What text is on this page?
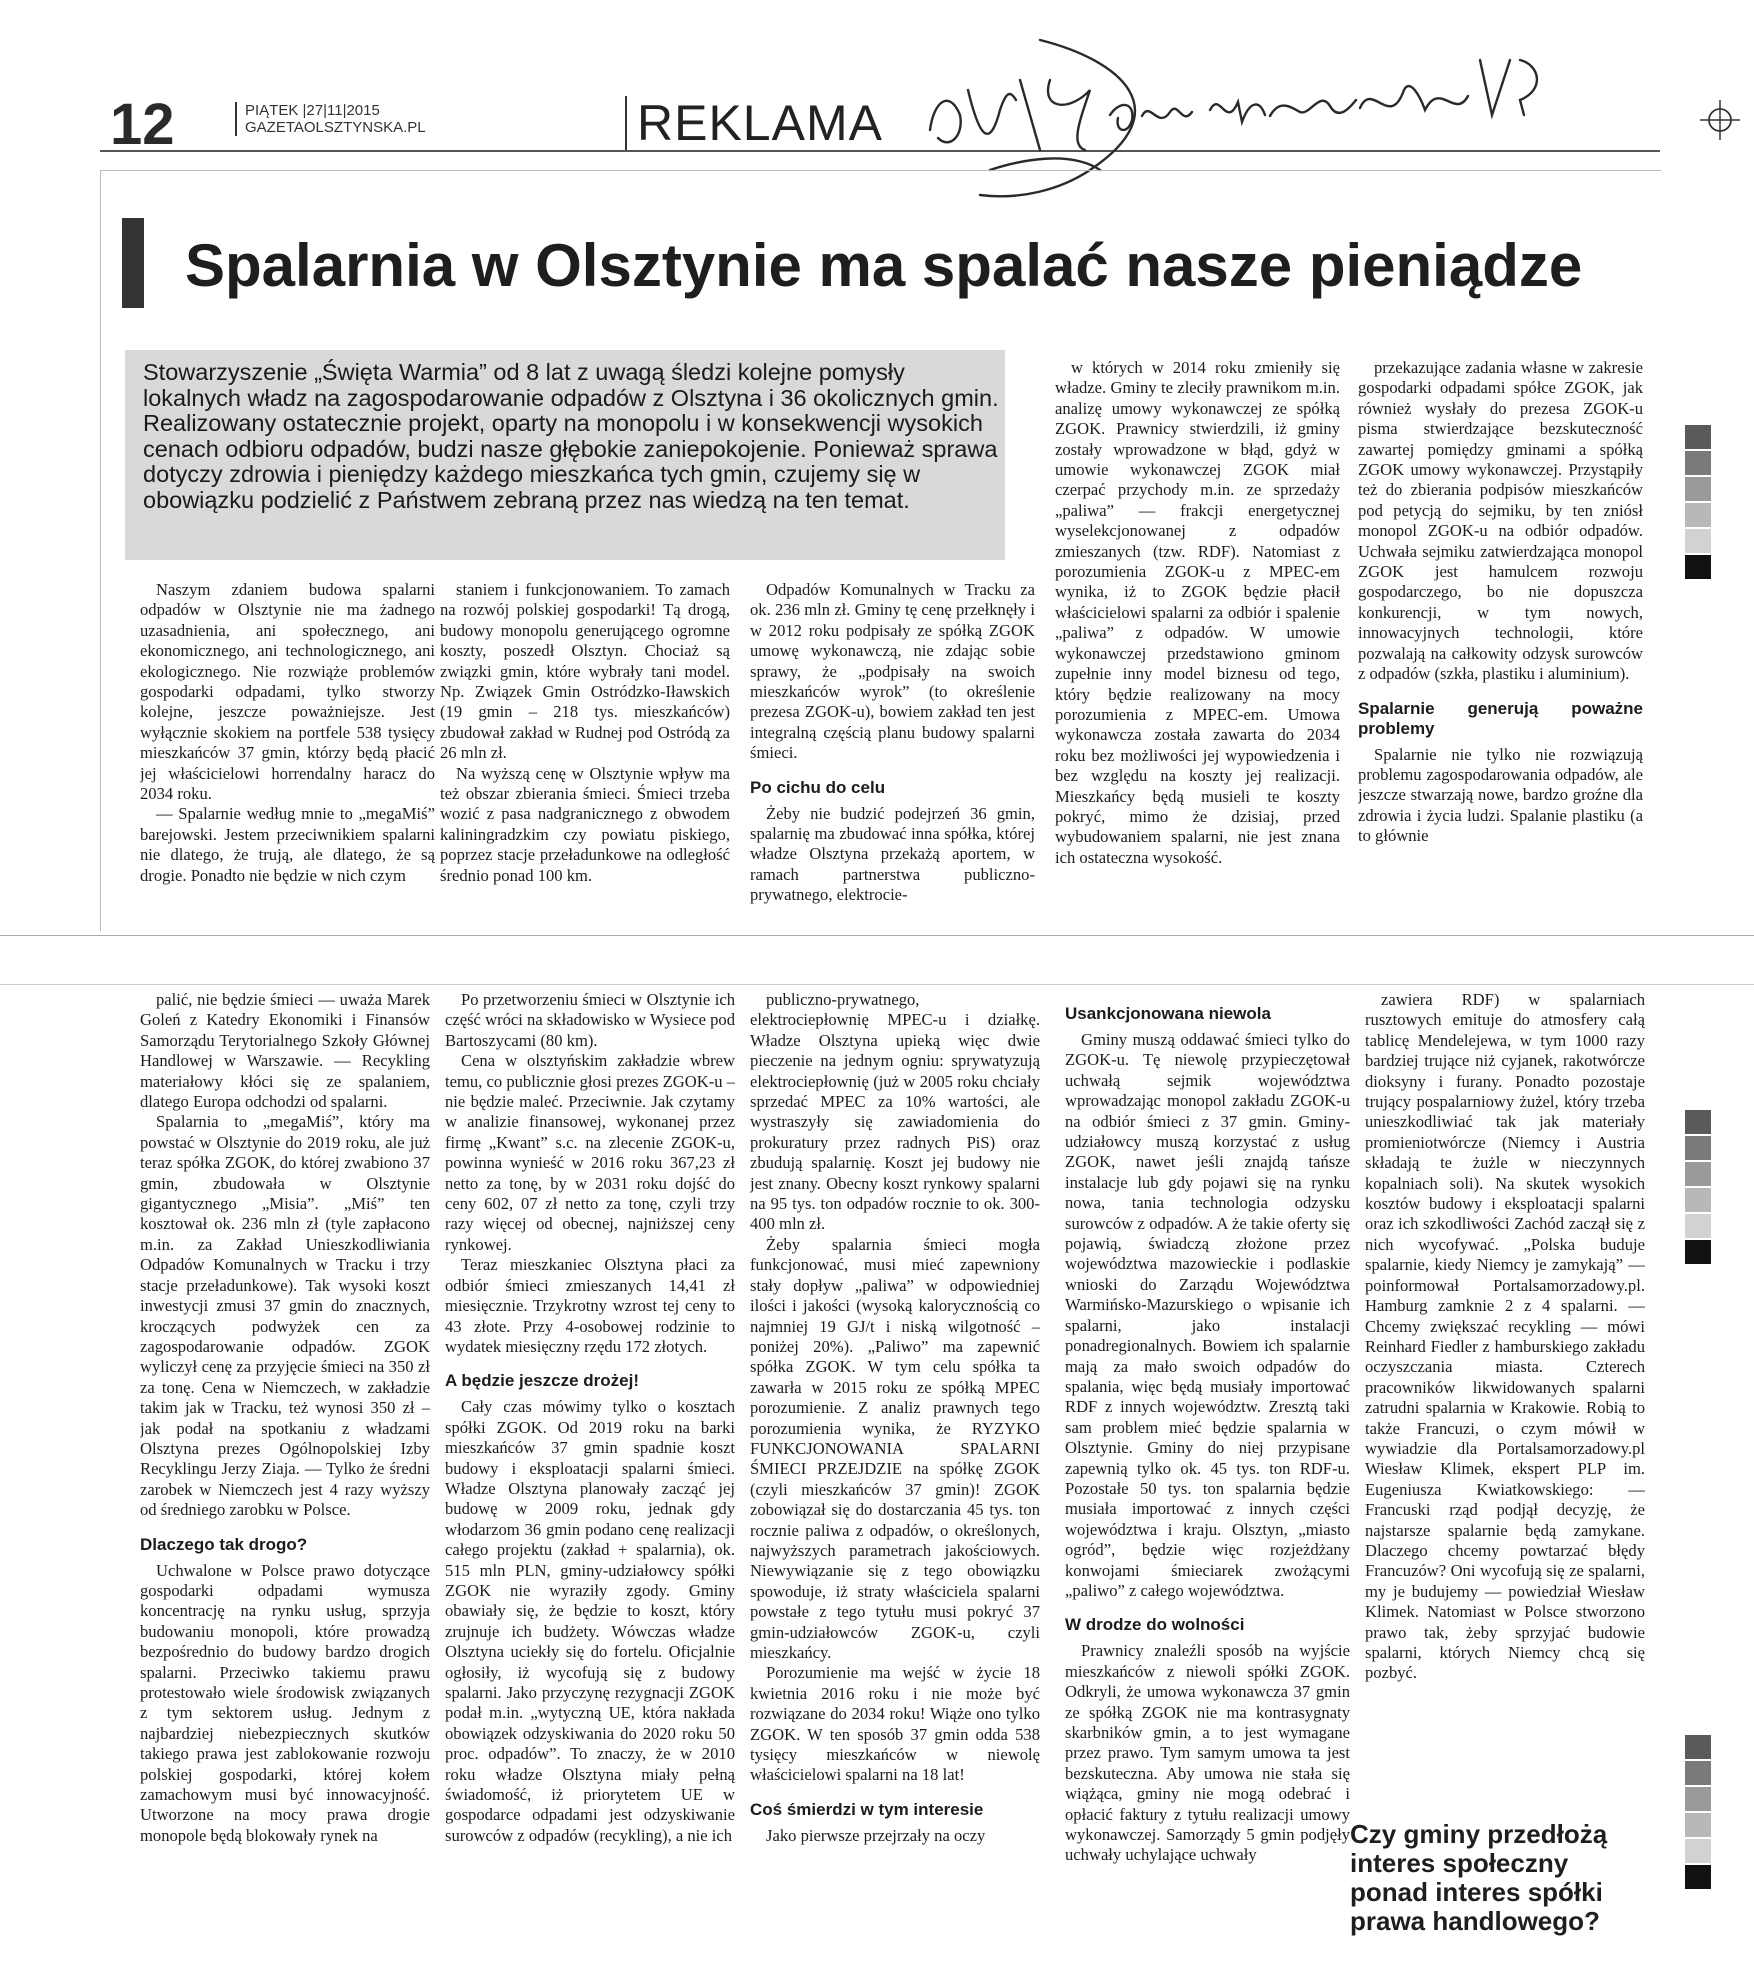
12	PIĄTEK |27|11|2015
GAZETAOLSZTYNSKA.PL	REKLAMA
Spalarnia w Olsztynie ma spalać nasze pieniądze
Stowarzyszenie „Święta Warmia” od 8 lat z uwagą śledzi kolejne pomysły lokalnych władz na zagospodarowanie odpadów z Olsztyna i 36 okolicznych gmin. Realizowany ostatecznie projekt, oparty na monopolu i w konsekwencji wysokich cenach odbioru odpadów, budzi nasze głębokie zaniepokojenie. Ponieważ sprawa dotyczy zdrowia i pieniędzy każdego mieszkańca tych gmin, czujemy się w obowiązku podzielić z Państwem zebraną przez nas wiedzą na ten temat.

Naszym zdaniem budowa spalarni odpadów w Olsztynie nie ma żadnego uzasadnienia, ani społecznego, ani ekonomicznego, ani technologicznego, ani ekologicznego. Nie rozwiąże problemów gospodarki odpadami, tylko stworzy kolejne, jeszcze poważniejsze. Jest wyłącznie skokiem na portfele 538 tysięcy mieszkańców 37 gmin, którzy będą płacić jej właścicielowi horrendalny haracz do 2034 roku.

— Spalarnie według mnie to „megaMiś” barejowski. Jestem przeciwnikiem spalarni nie dlatego, że trują, ale dlatego, że są drogie. Ponadto nie będzie w nich czym

staniem i funkcjonowaniem. To zamach na rozwój polskiej gospodarki! Tą drogą, budowy monopolu generującego ogromne koszty, poszedł Olsztyn. Chociaż są związki gmin, które wybrały tani model. Np. Związek Gmin Ostródzko-Iławskich (19 gmin – 218 tys. mieszkańców) zbudował zakład w Rudnej pod Ostródą za 26 mln zł.

Na wyższą cenę w Olsztynie wpływ ma też obszar zbierania śmieci. Śmieci trzeba wozić z pasa nadgranicznego z obwodem kaliningradzkim czy powiatu piskiego, poprzez stacje przeładunkowe na odległość średnio ponad 100 km.

Odpadów Komunalnych w Tracku za ok. 236 mln zł. Gminy tę cenę przełknęły i w 2012 roku podpisały ze spółką ZGOK umowę wykonawczą, nie zdając sobie sprawy, że „podpisały na swoich mieszkańców wyrok” (to określenie prezesa ZGOK-u), bowiem zakład ten jest integralną częścią planu budowy spalarni śmieci.

Po cichu do celu

Żeby nie budzić podejrzeń 36 gmin, spalarnię ma zbudować inna spółka, której władze Olsztyna przekażą aportem, w ramach partnerstwa publiczno-prywatnego, elektrocie-

w których w 2014 roku zmieniły się władze. Gminy te zleciły prawnikom m.in. analizę umowy wykonawczej ze spółką ZGOK. Prawnicy stwierdzili, iż gminy zostały wprowadzone w błąd, gdyż w umowie wykonawczej ZGOK miał czerpać przychody m.in. ze sprzedaży „paliwa” — frakcji energetycznej wyselekcjonowanej z odpadów zmieszanych (tzw. RDF). Natomiast z porozumienia ZGOK-u z MPEC-em wynika, iż to ZGOK będzie płacił właścicielowi spalarni za odbiór i spalenie „paliwa” z odpadów. W umowie wykonawczej przedstawiono gminom zupełnie inny model biznesu od tego, który będzie realizowany na mocy porozumienia z MPEC-em. Umowa wykonawcza została zawarta do 2034 roku bez możliwości jej wypowiedzenia i bez względu na koszty jej realizacji. Mieszkańcy będą musieli te koszty pokryć, mimo że dzisiaj, przed wybudowaniem spalarni, nie jest znana ich ostateczna wysokość.

przekazujące zadania własne w zakresie gospodarki odpadami spółce ZGOK, jak również wysłały do prezesa ZGOK-u pisma stwierdzające bezskuteczność zawartej pomiędzy gminami a spółką ZGOK umowy wykonawczej. Przystąpiły też do zbierania podpisów mieszkańców pod petycją do sejmiku, by ten zniósł monopol ZGOK-u na odbiór odpadów. Uchwała sejmiku zatwierdzająca monopol ZGOK jest hamulcem rozwoju gospodarczego, bo nie dopuszcza konkurencji, w tym nowych, innowacyjnych technologii, które pozwalają na całkowity odzysk surowców z odpadów (szkła, plastiku i aluminium).

Spalarnie generują poważne problemy

Spalarnie nie tylko nie rozwiązują problemu zagospodarowania odpadów, ale jeszcze stwarzają nowe, bardzo groźne dla zdrowia i życia ludzi. Spalanie plastiku (a to głównie

palić, nie będzie śmieci — uważa Marek Goleń z Katedry Ekonomiki i Finansów Samorządu Terytorialnego Szkoły Głównej Handlowej w Warszawie. — Recykling materiałowy kłóci się ze spalaniem, dlatego Europa odchodzi od spalarni.

Spalarnia to „megaMiś”, który ma powstać w Olsztynie do 2019 roku, ale już teraz spółka ZGOK, do której zwabiono 37 gmin, zbudowała w Olsztynie gigantycznego „Misia”. „Miś” ten kosztował ok. 236 mln zł (tyle zapłacono m.in. za Zakład Unieszkodliwiania Odpadów Komunalnych w Tracku i trzy stacje przeładunkowe). Tak wysoki koszt inwestycji zmusi 37 gmin do znacznych, kroczących podwyżek cen za zagospodarowanie odpadów. ZGOK wyliczył cenę za przyjęcie śmieci na 350 zł za tonę. Cena w Niemczech, w zakładzie takim jak w Tracku, też wynosi 350 zł – jak podał na spotkaniu z władzami Olsztyna prezes Ogólnopolskiej Izby Recyklingu Jerzy Ziaja. — Tylko że średni zarobek w Niemczech jest 4 razy wyższy od średniego zarobku w Polsce.

Dlaczego tak drogo?

Uchwalone w Polsce prawo dotyczące gospodarki odpadami wymusza koncentrację na rynku usług, sprzyja budowaniu monopoli, które prowadzą bezpośrednio do budowy bardzo drogich spalarni. Przeciwko takiemu prawu protestowało wiele środowisk związanych z tym sektorem usług. Jednym z najbardziej niebezpiecznych skutków takiego prawa jest zablokowanie rozwoju polskiej gospodarki, której kołem zamachowym musi być innowacyjność. Utworzone na mocy prawa drogie monopole będą blokowały rynek na

Po przetworzeniu śmieci w Olsztynie ich część wróci na składowisko w Wysiece pod Bartoszycami (80 km).

Cena w olsztyńskim zakładzie wbrew temu, co publicznie głosi prezes ZGOK-u – nie będzie maleć. Przeciwnie. Jak czytamy w analizie finansowej, wykonanej przez firmę „Kwant” s.c. na zlecenie ZGOK-u, powinna wynieść w 2016 roku 367,23 zł netto za tonę, by w 2031 roku dojść do ceny 602, 07 zł netto za tonę, czyli trzy razy więcej od obecnej, najniższej ceny rynkowej.

Teraz mieszkaniec Olsztyna płaci za odbiór śmieci zmieszanych 14,41 zł miesięcznie. Trzykrotny wzrost tej ceny to 43 złote. Przy 4-osobowej rodzinie to wydatek miesięczny rzędu 172 złotych.

A będzie jeszcze drożej!

Cały czas mówimy tylko o kosztach spółki ZGOK. Od 2019 roku na barki mieszkańców 37 gmin spadnie koszt budowy i eksploatacji spalarni śmieci. Władze Olsztyna planowały zacząć jej budowę w 2009 roku, jednak gdy włodarzom 36 gmin podano cenę realizacji całego projektu (zakład + spalarnia), ok. 515 mln PLN, gminy-udziałowcy spółki ZGOK nie wyraziły zgody. Gminy obawiały się, że będzie to koszt, który zrujnuje ich budżety. Wówczas władze Olsztyna uciekły się do fortelu. Oficjalnie ogłosiły, iż wycofują się z budowy spalarni. Jako przyczynę rezygnacji ZGOK podał m.in. „wytyczną UE, która nakłada obowiązek odzyskiwania do 2020 roku 50 proc. odpadów”. To znaczy, że w 2010 roku władze Olsztyna miały pełną świadomość, iż priorytetem UE w gospodarce odpadami jest odzyskiwanie surowców z odpadów (recykling), a nie ich

publiczno-prywatnego, elektrociepłownię MPEC-u i działkę. Władze Olsztyna upieką więc dwie pieczenie na jednym ogniu: sprywatyzują elektrociepłownię (już w 2005 roku chciały sprzedać MPEC za 10% wartości, ale wystraszyły się zawiadomienia do prokuratury przez radnych PiS) oraz zbudują spalarnię. Koszt jej budowy nie jest znany. Obecny koszt rynkowy spalarni na 95 tys. ton odpadów rocznie to ok. 300-400 mln zł.

Żeby spalarnia śmieci mogła funkcjonować, musi mieć zapewniony stały dopływ „paliwa” w odpowiedniej ilości i jakości (wysoką kalorycznością co najmniej 19 GJ/t i niską wilgotność – poniżej 20%). „Paliwo” ma zapewnić spółka ZGOK. W tym celu spółka ta zawarła w 2015 roku ze spółką MPEC porozumienie. Z analiz prawnych tego porozumienia wynika, że RYZYKO FUNKCJONOWANIA SPALARNI ŚMIECI PRZEJDZIE na spółkę ZGOK (czyli mieszkańców 37 gmin)! ZGOK zobowiązał się do dostarczania 45 tys. ton rocznie paliwa z odpadów, o określonych, najwyższych parametrach jakościowych. Niewywiązanie się z tego obowiązku spowoduje, iż straty właściciela spalarni powstałe z tego tytułu musi pokryć 37 gmin-udziałowców ZGOK-u, czyli mieszkańcy.

Porozumienie ma wejść w życie 18 kwietnia 2016 roku i nie może być rozwiązane do 2034 roku! Wiąże ono tylko ZGOK. W ten sposób 37 gmin odda 538 tysięcy mieszkańców w niewolę właścicielowi spalarni na 18 lat!

Coś śmierdzi w tym interesie

Jako pierwsze przejrzały na oczy

Usankcjonowana niewola

Gminy muszą oddawać śmieci tylko do ZGOK-u. Tę niewolę przypieczętował uchwałą sejmik województwa wprowadzając monopol zakładu ZGOK-u na odbiór śmieci z 37 gmin. Gminy-udziałowcy muszą korzystać z usług ZGOK, nawet jeśli znajdą tańsze instalacje lub gdy pojawi się na rynku nowa, tania technologia odzysku surowców z odpadów. A że takie oferty się pojawią, świadczą złożone przez województwa mazowieckie i podlaskie wnioski do Zarządu Województwa Warmińsko-Mazurskiego o wpisanie ich spalarni, jako instalacji ponadregionalnych. Bowiem ich spalarnie mają za mało swoich odpadów do spalania, więc będą musiały importować RDF z innych województw. Zresztą taki sam problem mieć będzie spalarnia w Olsztynie. Gminy do niej przypisane zapewnią tylko ok. 45 tys. ton RDF-u. Pozostałe 50 tys. ton spalarnia będzie musiała importować z innych części województwa i kraju. Olsztyn, „miasto ogród”, będzie więc rozjeżdżany konwojami śmieciarek zwożącymi „paliwo” z całego województwa.

W drodze do wolności

Prawnicy znaleźli sposób na wyjście mieszkańców z niewoli spółki ZGOK. Odkryli, że umowa wykonawcza 37 gmin ze spółką ZGOK nie ma kontrasygnaty skarbników gmin, a to jest wymagane przez prawo. Tym samym umowa ta jest bezskuteczna. Aby umowa nie stała się wiążąca, gminy nie mogą odebrać i opłacić faktury z tytułu realizacji umowy wykonawczej. Samorządy 5 gmin podjęły uchwały uchylające uchwały

zawiera RDF) w spalarniach rusztowych emituje do atmosfery całą tablicę Mendelejewa, w tym 1000 razy bardziej trujące niż cyjanek, rakotwórcze dioksyny i furany. Ponadto pozostaje trujący pospalarniowy żużel, który trzeba unieszkodliwiać tak jak materiały promieniotwórcze (Niemcy i Austria składają te żużle w nieczynnych kopalniach soli). Na skutek wysokich kosztów budowy i eksploatacji spalarni oraz ich szkodliwości Zachód zaczął się z nich wycofywać. „Polska buduje spalarnie, kiedy Niemcy je zamykają” — poinformował Portalsamorzadowy.pl. Hamburg zamknie 2 z 4 spalarni. — Chcemy zwiększać recykling — mówi Reinhard Fiedler z hamburskiego zakładu oczyszczania miasta. Czterech pracowników likwidowanych spalarni zatrudni spalarnia w Krakowie. Robią to także Francuzi, o czym mówił w wywiadzie dla Portalsamorzadowy.pl Wiesław Klimek, ekspert PLP im. Eugeniusza Kwiatkowskiego: — Francuski rząd podjął decyzję, że najstarsze spalarnie będą zamykane. Dlaczego chcemy powtarzać błędy Francuzów? Oni wycofują się ze spalarni, my je budujemy — powiedział Wiesław Klimek. Natomiast w Polsce stworzono prawo tak, żeby sprzyjać budowie spalarni, których Niemcy chcą się pozbyć.

Czy gminy przedłożą interes społeczny ponad interes spółki prawa handlowego?
